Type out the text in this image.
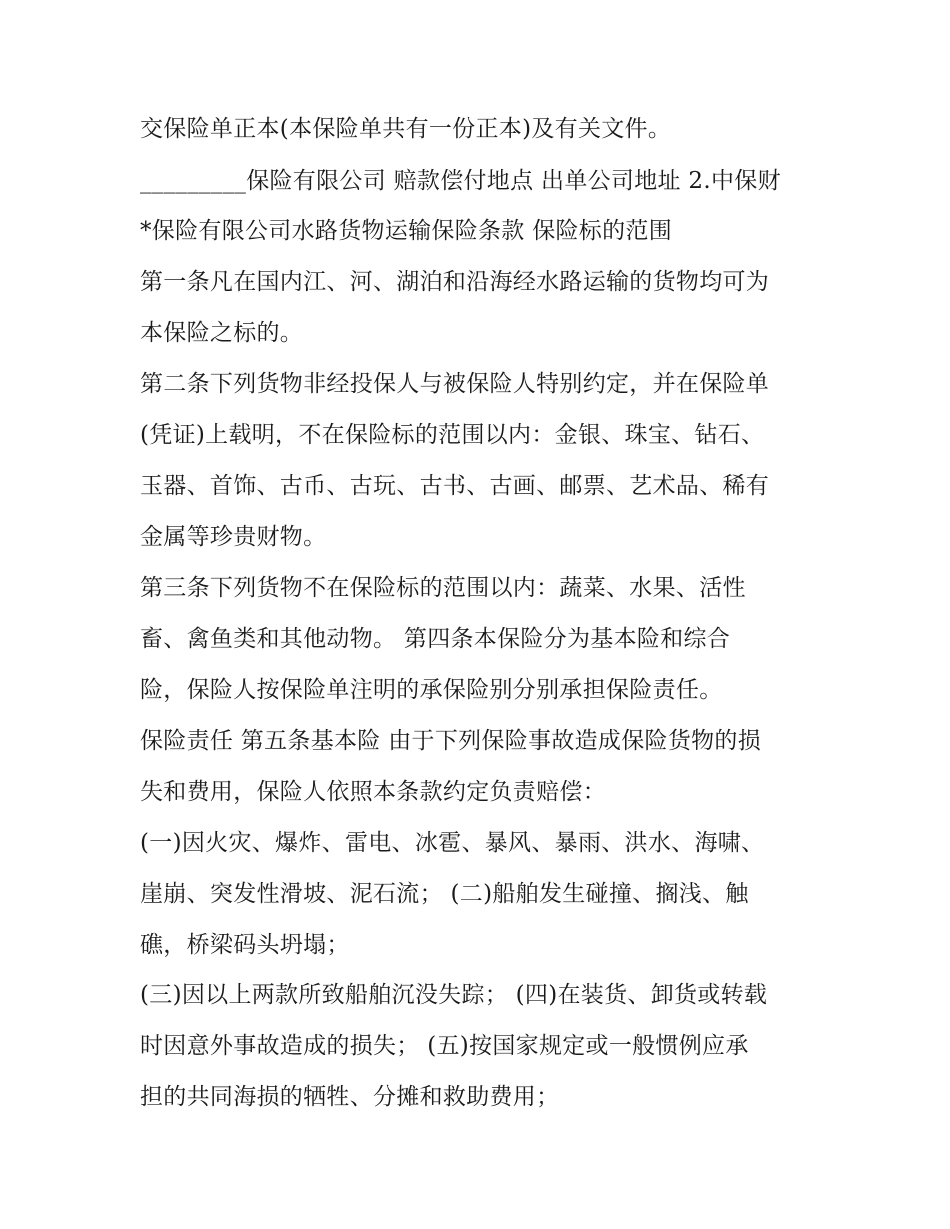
交保险单正本(本保险单共有一份正本)及有关文件。
_________保险有限公司 赔款偿付地点 出单公司地址 2.中保财
*保险有限公司水路货物运输保险条款 保险标的范围
第一条凡在国内江、河、湖泊和沿海经水路运输的货物均可为
本保险之标的。
第二条下列货物非经投保人与被保险人特别约定，并在保险单
(凭证)上载明，不在保险标的范围以内：金银、珠宝、钻石、
玉器、首饰、古币、古玩、古书、古画、邮票、艺术品、稀有
金属等珍贵财物。
第三条下列货物不在保险标的范围以内：蔬菜、水果、活性
畜、禽鱼类和其他动物。 第四条本保险分为基本险和综合
险，保险人按保险单注明的承保险别分别承担保险责任。
保险责任 第五条基本险 由于下列保险事故造成保险货物的损
失和费用，保险人依照本条款约定负责赔偿：
(一)因火灾、爆炸、雷电、冰雹、暴风、暴雨、洪水、海啸、
崖崩、突发性滑坡、泥石流； (二)船舶发生碰撞、搁浅、触
礁，桥梁码头坍塌；
(三)因以上两款所致船舶沉没失踪； (四)在装货、卸货或转载
时因意外事故造成的损失； (五)按国家规定或一般惯例应承
担的共同海损的牺牲、分摊和救助费用；
